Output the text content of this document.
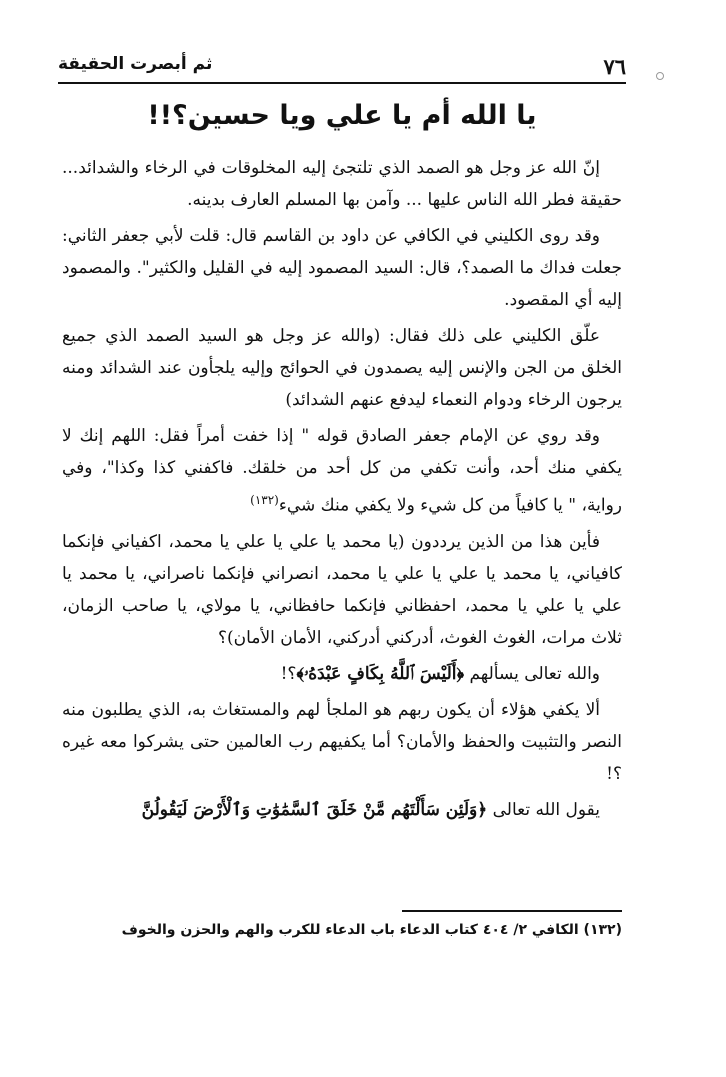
٧٦
ثم أبصرت الحقيقة
يا الله أم يا علي ويا حسين؟!!

إنّ الله عز وجل هو الصمد الذي تلتجئ إليه المخلوقات في الرخاء والشدائد... حقيقة فطر الله الناس عليها ... وآمن بها المسلم العارف بدينه.

وقد روى الكليني في الكافي عن داود بن القاسم قال: قلت لأبي جعفر الثاني: جعلت فداك ما الصمد؟، قال: السيد المصمود إليه في القليل والكثير". والمصمود إليه أي المقصود.

علّق الكليني على ذلك فقال: (والله عز وجل هو السيد الصمد الذي جميع الخلق من الجن والإنس إليه يصمدون في الحوائج وإليه يلجأون عند الشدائد ومنه يرجون الرخاء ودوام النعماء ليدفع عنهم الشدائد)

وقد روي عن الإمام جعفر الصادق قوله " إذا خفت أمراً فقل: اللهم إنك لا يكفي منك أحد، وأنت تكفي من كل أحد من خلقك. فاكفني كذا وكذا"، وفي رواية، " يا كافياً من كل شيء ولا يكفي منك شيء$^{(١٣٢)}$

فأين هذا من الذين يرددون (يا محمد يا علي يا علي يا محمد، اكفياني فإنكما كافياني، يا محمد يا علي يا علي يا محمد، انصراني فإنكما ناصراني، يا محمد يا علي يا علي يا محمد، احفظاني فإنكما حافظاني، يا مولاي، يا صاحب الزمان، ثلاث مرات، الغوث الغوث، أدركني أدركني، الأمان الأمان)؟

والله تعالى يسألهم ﴿أَلَيْسَ ٱللَّهُ بِكَافٍ عَبْدَهُۥ﴾؟!

ألا يكفي هؤلاء أن يكون ربهم هو الملجأ لهم والمستغاث به، الذي يطلبون منه النصر والتثبيت والحفظ والأمان؟ أما يكفيهم رب العالمين حتى يشركوا معه غيره ؟!

يقول الله تعالى ﴿وَلَئِن سَأَلْتَهُم مَّنْ خَلَقَ ٱلسَّمَٰوَٰتِ وَٱلْأَرْضَ لَيَقُولُنَّ

(١٣٢) الكافي ٢/ ٤٠٤ كتاب الدعاء باب الدعاء للكرب والهم والحزن والخوف
